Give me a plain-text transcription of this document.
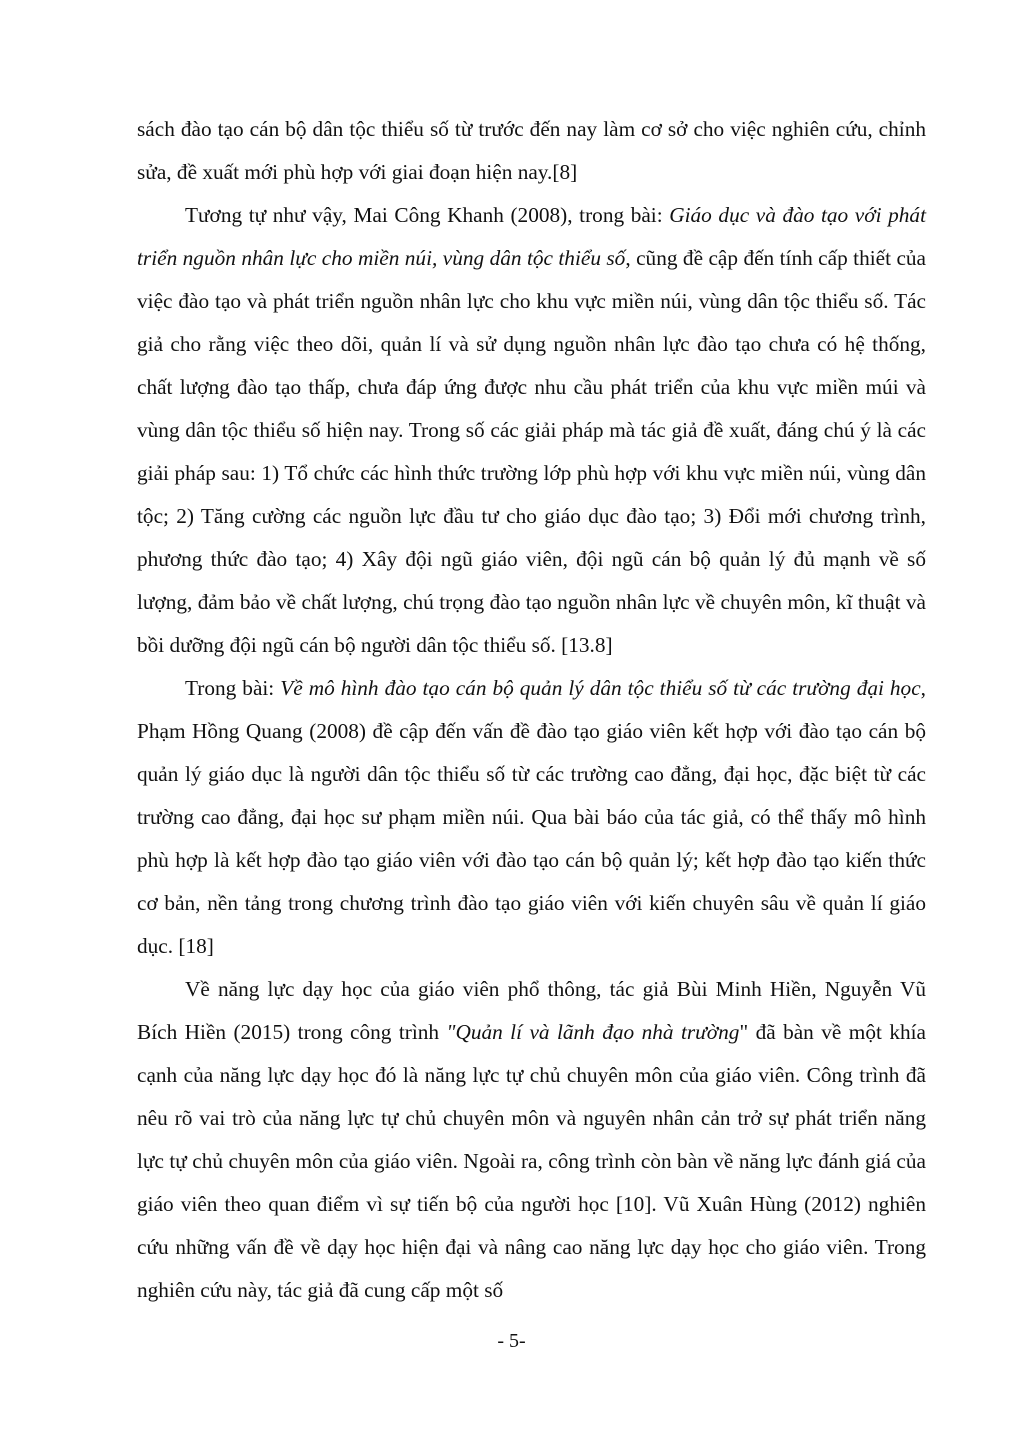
sách đào tạo cán bộ dân tộc thiểu số từ trước đến nay làm cơ sở cho việc nghiên cứu, chỉnh sửa, đề xuất mới phù hợp với giai đoạn hiện nay.[8]

Tương tự như vậy, Mai Công Khanh (2008), trong bài: Giáo dục và đào tạo với phát triển nguồn nhân lực cho miền núi, vùng dân tộc thiểu số, cũng đề cập đến tính cấp thiết của việc đào tạo và phát triển nguồn nhân lực cho khu vực miền núi, vùng dân tộc thiểu số. Tác giả cho rằng việc theo dõi, quản lí và sử dụng nguồn nhân lực đào tạo chưa có hệ thống, chất lượng đào tạo thấp, chưa đáp ứng được nhu cầu phát triển của khu vực miền múi và vùng dân tộc thiểu số hiện nay. Trong số các giải pháp mà tác giả đề xuất, đáng chú ý là các giải pháp sau: 1) Tổ chức các hình thức trường lớp phù hợp với khu vực miền núi, vùng dân tộc; 2) Tăng cường các nguồn lực đầu tư cho giáo dục đào tạo; 3) Đổi mới chương trình, phương thức đào tạo; 4) Xây đội ngũ giáo viên, đội ngũ cán bộ quản lý đủ mạnh về số lượng, đảm bảo về chất lượng, chú trọng đào tạo nguồn nhân lực về chuyên môn, kĩ thuật và bồi dưỡng đội ngũ cán bộ người dân tộc thiểu số. [13.8]

Trong bài: Về mô hình đào tạo cán bộ quản lý dân tộc thiểu số từ các trường đại học, Phạm Hồng Quang (2008) đề cập đến vấn đề đào tạo giáo viên kết hợp với đào tạo cán bộ quản lý giáo dục là người dân tộc thiểu số từ các trường cao đẳng, đại học, đặc biệt từ các trường cao đẳng, đại học sư phạm miền núi. Qua bài báo của tác giả, có thể thấy mô hình phù hợp là kết hợp đào tạo giáo viên với đào tạo cán bộ quản lý; kết hợp đào tạo kiến thức cơ bản, nền tảng trong chương trình đào tạo giáo viên với kiến chuyên sâu về quản lí giáo dục. [18]

Về năng lực dạy học của giáo viên phổ thông, tác giả Bùi Minh Hiền, Nguyễn Vũ Bích Hiền (2015) trong công trình "Quản lí và lãnh đạo nhà trường" đã bàn về một khía cạnh của năng lực dạy học đó là năng lực tự chủ chuyên môn của giáo viên. Công trình đã nêu rõ vai trò của năng lực tự chủ chuyên môn và nguyên nhân cản trở sự phát triển năng lực tự chủ chuyên môn của giáo viên. Ngoài ra, công trình còn bàn về năng lực đánh giá của giáo viên theo quan điểm vì sự tiến bộ của người học [10]. Vũ Xuân Hùng (2012) nghiên cứu những vấn đề về dạy học hiện đại và nâng cao năng lực dạy học cho giáo viên. Trong nghiên cứu này, tác giả đã cung cấp một số

- 5-
